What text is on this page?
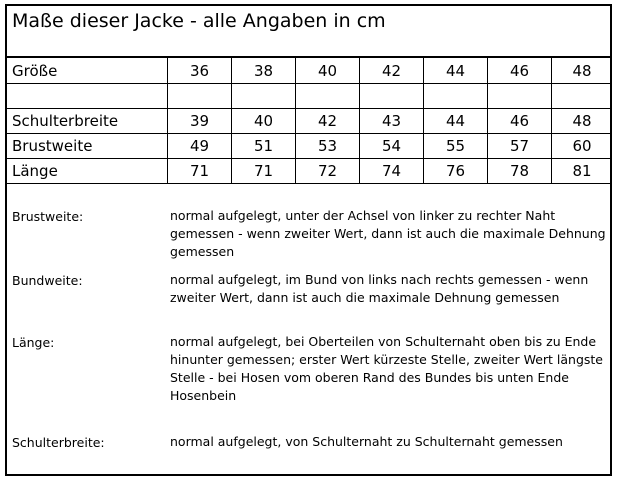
Maße dieser Jacke - alle Angaben in cm
Größe	36	38	40	42	44	46	48
Schulterbreite	39	40	42	43	44	46	48
Brustweite	49	51	53	54	55	57	60
Länge	71	71	72	74	76	78	81
Brustweite:	normal aufgelegt, unter der Achsel von linker zu rechter Naht gemessen - wenn zweiter Wert, dann ist auch die maximale Dehnung gemessen
Bundweite:	normal aufgelegt, im Bund von links nach rechts gemessen - wenn zweiter Wert, dann ist auch die maximale Dehnung gemessen
Länge:	normal aufgelegt, bei Oberteilen von Schulternaht oben bis zu Ende hinunter gemessen; erster Wert kürzeste Stelle, zweiter Wert längste Stelle - bei Hosen vom oberen Rand des Bundes bis unten Ende Hosenbein
Schulterbreite:	normal aufgelegt, von Schulternaht zu Schulternaht gemessen
